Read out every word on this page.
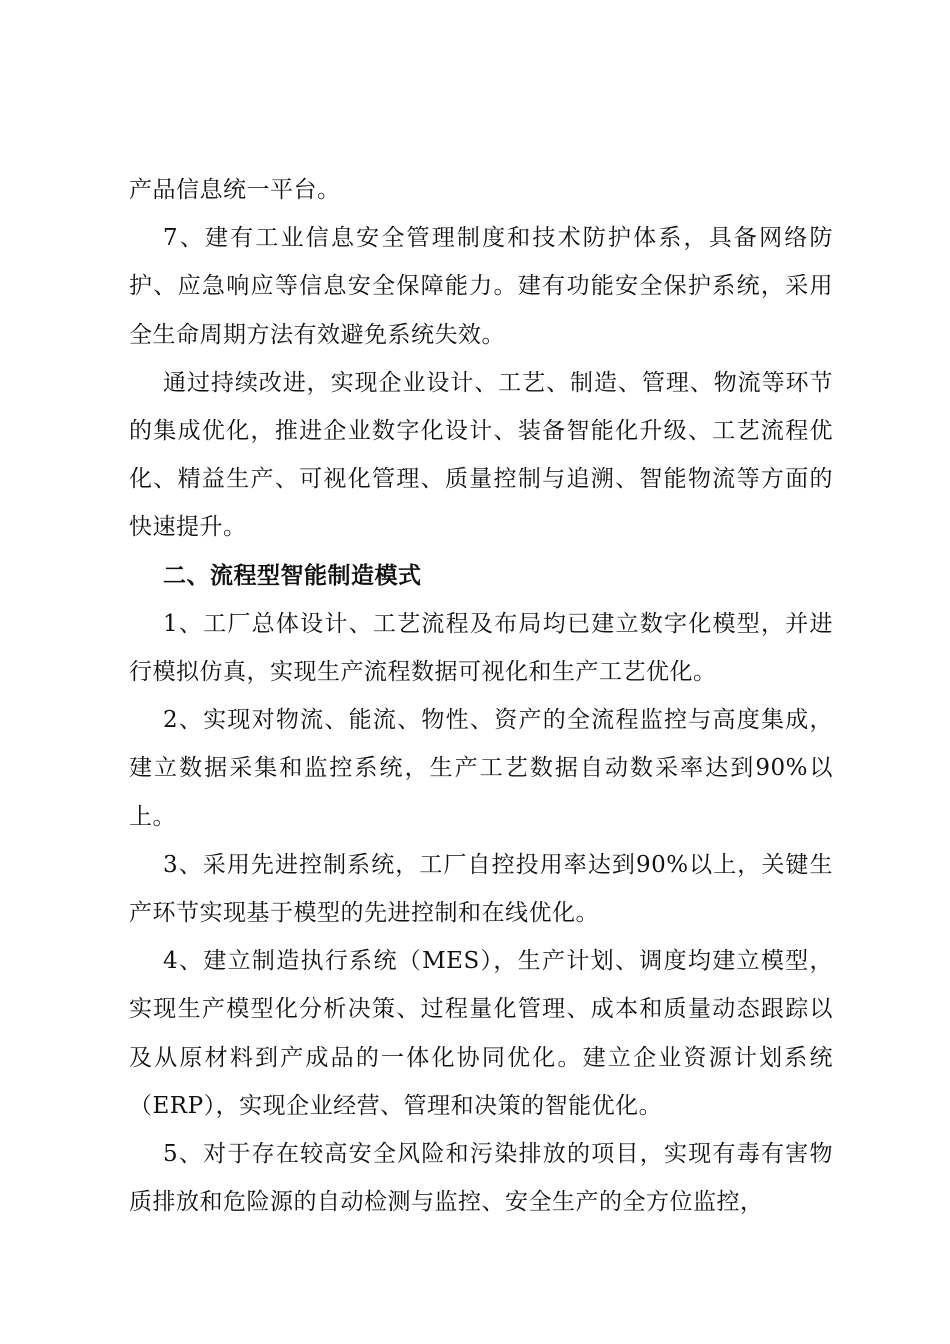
产品信息统一平台。

7、建有工业信息安全管理制度和技术防护体系，具备网络防护、应急响应等信息安全保障能力。建有功能安全保护系统，采用全生命周期方法有效避免系统失效。

通过持续改进，实现企业设计、工艺、制造、管理、物流等环节的集成优化，推进企业数字化设计、装备智能化升级、工艺流程优化、精益生产、可视化管理、质量控制与追溯、智能物流等方面的快速提升。

二、流程型智能制造模式

1、工厂总体设计、工艺流程及布局均已建立数字化模型，并进行模拟仿真，实现生产流程数据可视化和生产工艺优化。

2、实现对物流、能流、物性、资产的全流程监控与高度集成，建立数据采集和监控系统，生产工艺数据自动数采率达到90%以上。

3、采用先进控制系统，工厂自控投用率达到90%以上，关键生产环节实现基于模型的先进控制和在线优化。

4、建立制造执行系统（MES），生产计划、调度均建立模型，实现生产模型化分析决策、过程量化管理、成本和质量动态跟踪以及从原材料到产成品的一体化协同优化。建立企业资源计划系统（ERP），实现企业经营、管理和决策的智能优化。

5、对于存在较高安全风险和污染排放的项目，实现有毒有害物质排放和危险源的自动检测与监控、安全生产的全方位监控，
